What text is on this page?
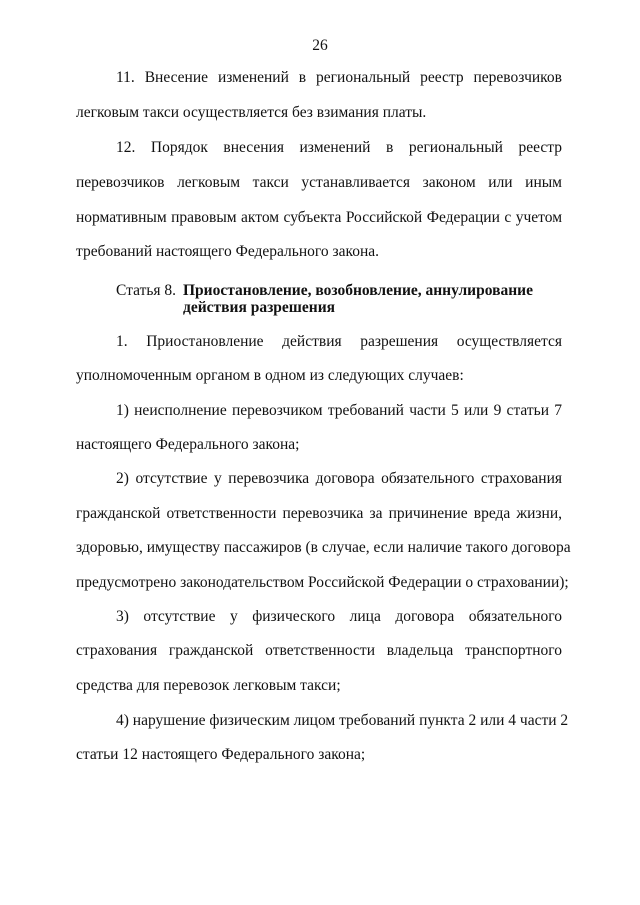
26
11. Внесение изменений в региональный реестр перевозчиков
легковым такси осуществляется без взимания платы.
12. Порядок внесения изменений в региональный реестр
перевозчиков легковым такси устанавливается законом или иным
нормативным правовым актом субъекта Российской Федерации с учетом
требований настоящего Федерального закона.
Статья 8. Приостановление, возобновление, аннулирование
действия разрешения
1. Приостановление действия разрешения осуществляется
уполномоченным органом в одном из следующих случаев:
1) неисполнение перевозчиком требований части 5 или 9 статьи 7
настоящего Федерального закона;
2) отсутствие у перевозчика договора обязательного страхования
гражданской ответственности перевозчика за причинение вреда жизни,
здоровью, имуществу пассажиров (в случае, если наличие такого договора
предусмотрено законодательством Российской Федерации о страховании);
3) отсутствие у физического лица договора обязательного
страхования гражданской ответственности владельца транспортного
средства для перевозок легковым такси;
4) нарушение физическим лицом требований пункта 2 или 4 части 2
статьи 12 настоящего Федерального закона;
